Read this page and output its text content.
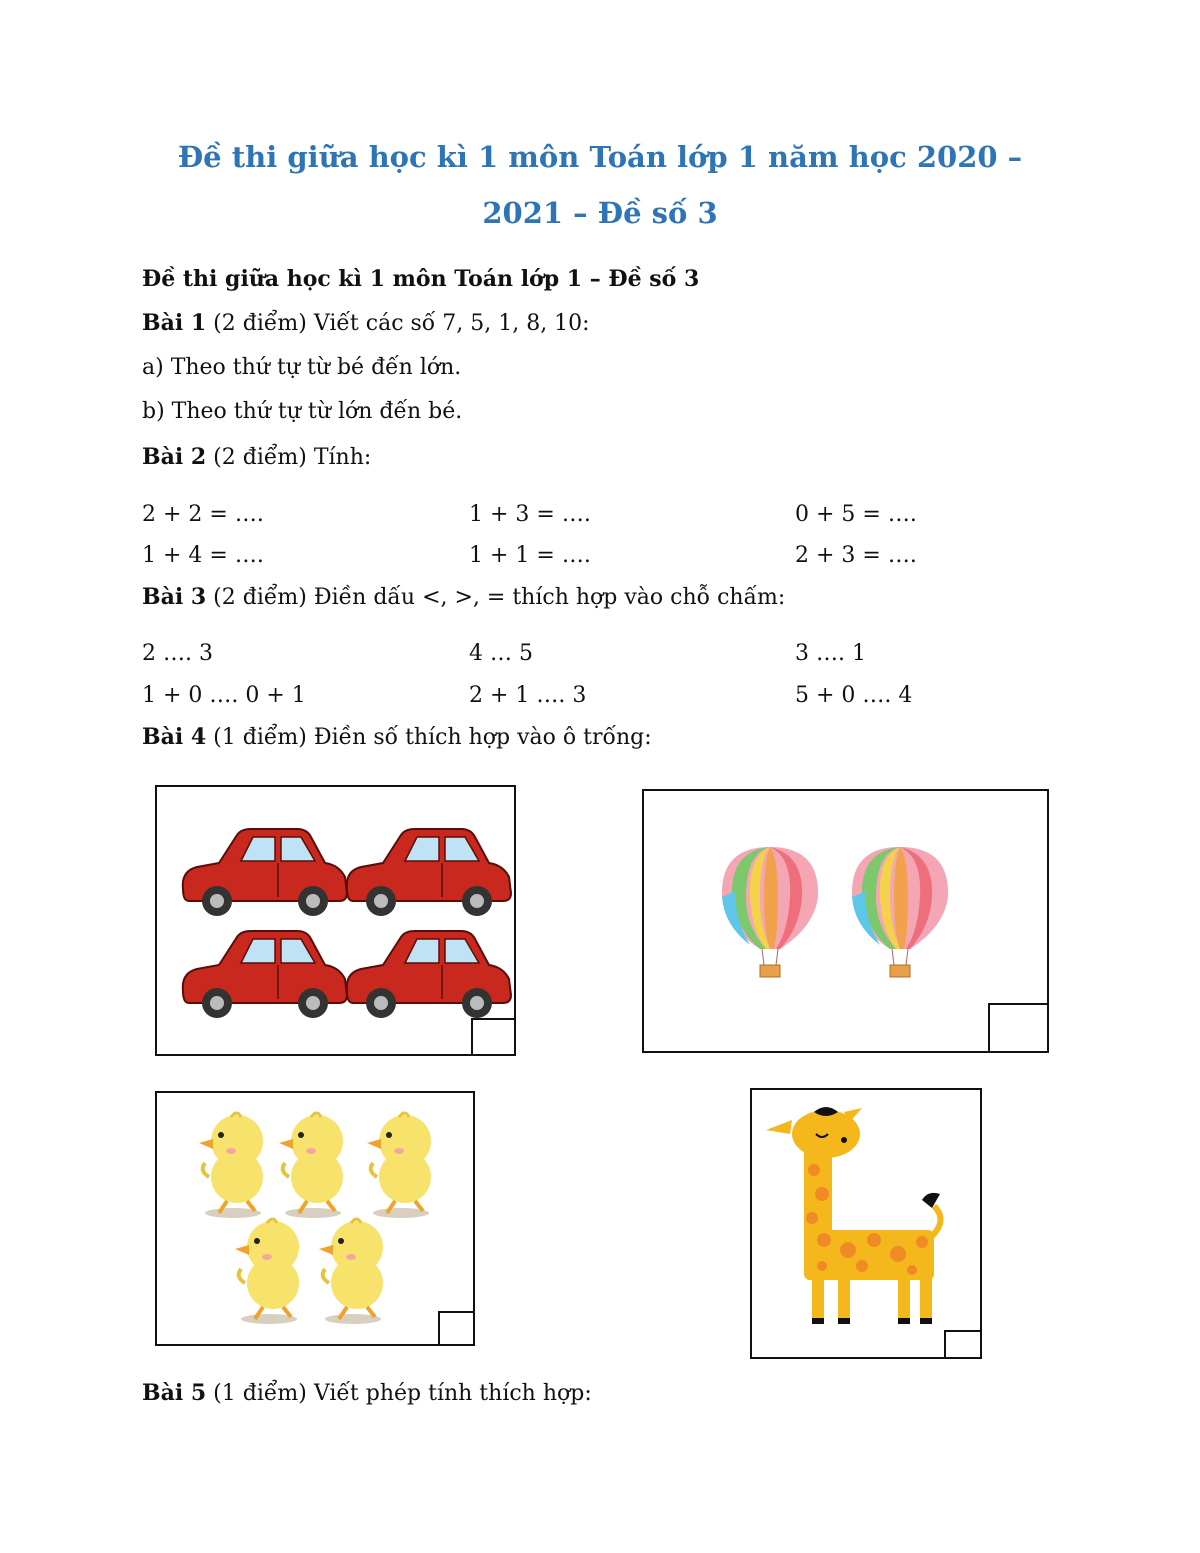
Đề thi giữa học kì 1 môn Toán lớp 1 năm học 2020 –
2021 – Đề số 3
Đề thi giữa học kì 1 môn Toán lớp 1 – Đề số 3
Bài 1 (2 điểm) Viết các số 7, 5, 1, 8, 10:
a) Theo thứ tự từ bé đến lớn.
b) Theo thứ tự từ lớn đến bé.
Bài 2 (2 điểm) Tính:
2 + 2 = ….	1 + 3 = ….	0 + 5 = ….
1 + 4 = ….	1 + 1 = ….	2 + 3 = ….
Bài 3 (2 điểm) Điền dấu <, >, = thích hợp vào chỗ chấm:
2 …. 3	4 … 5	3 …. 1
1 + 0 …. 0 + 1	2 + 1 …. 3	5 + 0 …. 4
Bài 4 (1 điểm) Điền số thích hợp vào ô trống:
Bài 5 (1 điểm) Viết phép tính thích hợp:
